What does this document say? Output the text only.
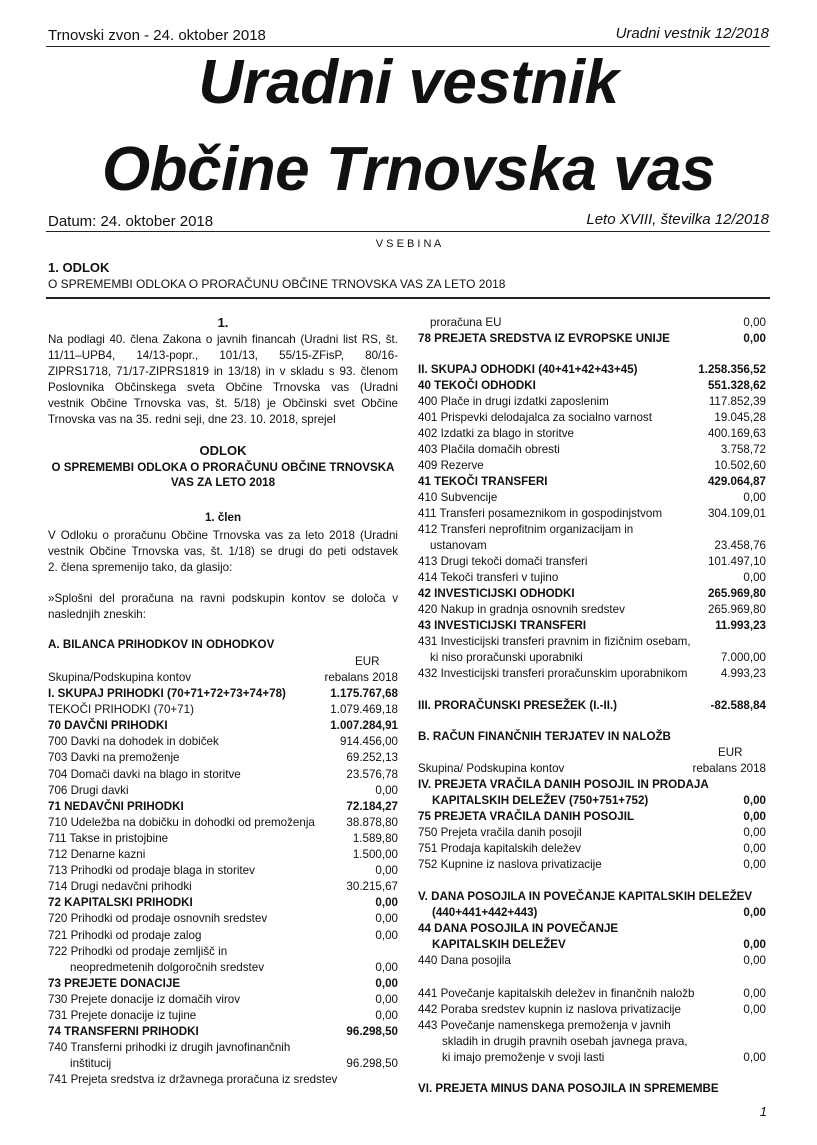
Trnovski zvon - 24. oktober 2018	Uradni vestnik 12/2018
Uradni vestnik
Občine Trnovska vas
Datum: 24. oktober 2018	Leto XVIII, številka 12/2018
V S E B I N A
1. ODLOK
O SPREMEMBI ODLOKA O PRORAČUNU OBČINE TRNOVSKA VAS ZA LETO 2018
1.
Na podlagi 40. člena Zakona o javnih financah (Uradni list RS, št.
11/11–UPB4, 14/13-popr., 101/13, 55/15-ZFisP, 80/16-
ZIPRS1718, 71/17-ZIPRS1819 in 13/18) in v skladu s 93. členom
Poslovnika Občinskega sveta Občine Trnovska vas (Uradni
vestnik Občine Trnovska vas, št. 5/18) je Občinski svet Občine
Trnovska vas na 35. redni seji, dne 23. 10. 2018, sprejel
ODLOK
O SPREMEMBI ODLOKA O PRORAČUNU OBČINE TRNOVSKA
VAS ZA LETO 2018
1. člen
V Odloku o proračunu Občine Trnovska vas za leto 2018 (Uradni
vestnik Občine Trnovska vas, št. 1/18) se drugi do peti odstavek
2. člena spremenijo tako, da glasijo:
»Splošni del proračuna na ravni podskupin kontov se določa v
naslednjih zneskih:
A. BILANCA PRIHODKOV IN ODHODKOV
EUR
Skupina/Podskupina kontov	rebalans 2018
I. SKUPAJ PRIHODKI (70+71+72+73+74+78)	1.175.767,68
TEKOČI PRIHODKI (70+71)	1.079.469,18
70 DAVČNI PRIHODKI	1.007.284,91
700 Davki na dohodek in dobiček	914.456,00
703 Davki na premoženje	69.252,13
704 Domači davki na blago in storitve	23.576,78
706 Drugi davki	0,00
71 NEDAVČNI PRIHODKI	72.184,27
710 Udeležba na dobičku in dohodki od premoženja	38.878,80
711 Takse in pristojbine	1.589,80
712 Denarne kazni	1.500,00
713 Prihodki od prodaje blaga in storitev	0,00
714 Drugi nedavčni prihodki	30.215,67
72 KAPITALSKI PRIHODKI	0,00
720 Prihodki od prodaje osnovnih sredstev	0,00
721 Prihodki od prodaje zalog	0,00
722 Prihodki od prodaje zemljišč in
neopredmetenih dolgoročnih sredstev	0,00
73 PREJETE DONACIJE	0,00
730 Prejete donacije iz domačih virov	0,00
731 Prejete donacije iz tujine	0,00
74 TRANSFERNI PRIHODKI	96.298,50
740 Transferni prihodki iz drugih javnofinančnih
inštitucij	96.298,50
741 Prejeta sredstva iz državnega proračuna iz sredstev
proračuna EU	0,00
78 PREJETA SREDSTVA IZ EVROPSKE UNIJE	0,00
II. SKUPAJ ODHODKI (40+41+42+43+45)	1.258.356,52
40 TEKOČI ODHODKI	551.328,62
400 Plače in drugi izdatki zaposlenim	117.852,39
401 Prispevki delodajalca za socialno varnost	19.045,28
402 Izdatki za blago in storitve	400.169,63
403 Plačila domačih obresti	3.758,72
409 Rezerve	10.502,60
41 TEKOČI TRANSFERI	429.064,87
410 Subvencije	0,00
411 Transferi posameznikom in gospodinjstvom	304.109,01
412 Transferi neprofitnim organizacijam in
ustanovam	23.458,76
413 Drugi tekoči domači transferi	101.497,10
414 Tekoči transferi v tujino	0,00
42 INVESTICIJSKI ODHODKI	265.969,80
420 Nakup in gradnja osnovnih sredstev	265.969,80
43 INVESTICIJSKI TRANSFERI	11.993,23
431 Investicijski transferi pravnim in fizičnim osebam,
ki niso proračunski uporabniki	7.000,00
432 Investicijski transferi proračunskim uporabnikom	4.993,23
III. PRORAČUNSKI PRESEŽEK (I.-II.)	-82.588,84
B. RAČUN FINANČNIH TERJATEV IN NALOŽB
EUR
Skupina/ Podskupina kontov	rebalans 2018
IV. PREJETA VRAČILA DANIH POSOJIL IN PRODAJA
KAPITALSKIH DELEŽEV (750+751+752)	0,00
75 PREJETA VRAČILA DANIH POSOJIL	0,00
750 Prejeta vračila danih posojil	0,00
751 Prodaja kapitalskih deležev	0,00
752 Kupnine iz naslova privatizacije	0,00
V. DANA POSOJILA IN POVEČANJE KAPITALSKIH DELEŽEV
(440+441+442+443)	0,00
44 DANA POSOJILA IN POVEČANJE
KAPITALSKIH DELEŽEV	0,00
440 Dana posojila	0,00
441 Povečanje kapitalskih deležev in finančnih naložb	0,00
442 Poraba sredstev kupnin iz naslova privatizacije	0,00
443 Povečanje namenskega premoženja v javnih
skladih in drugih pravnih osebah javnega prava,
ki imajo premoženje v svoji lasti	0,00
VI. PREJETA MINUS DANA POSOJILA IN SPREMEMBE
1
